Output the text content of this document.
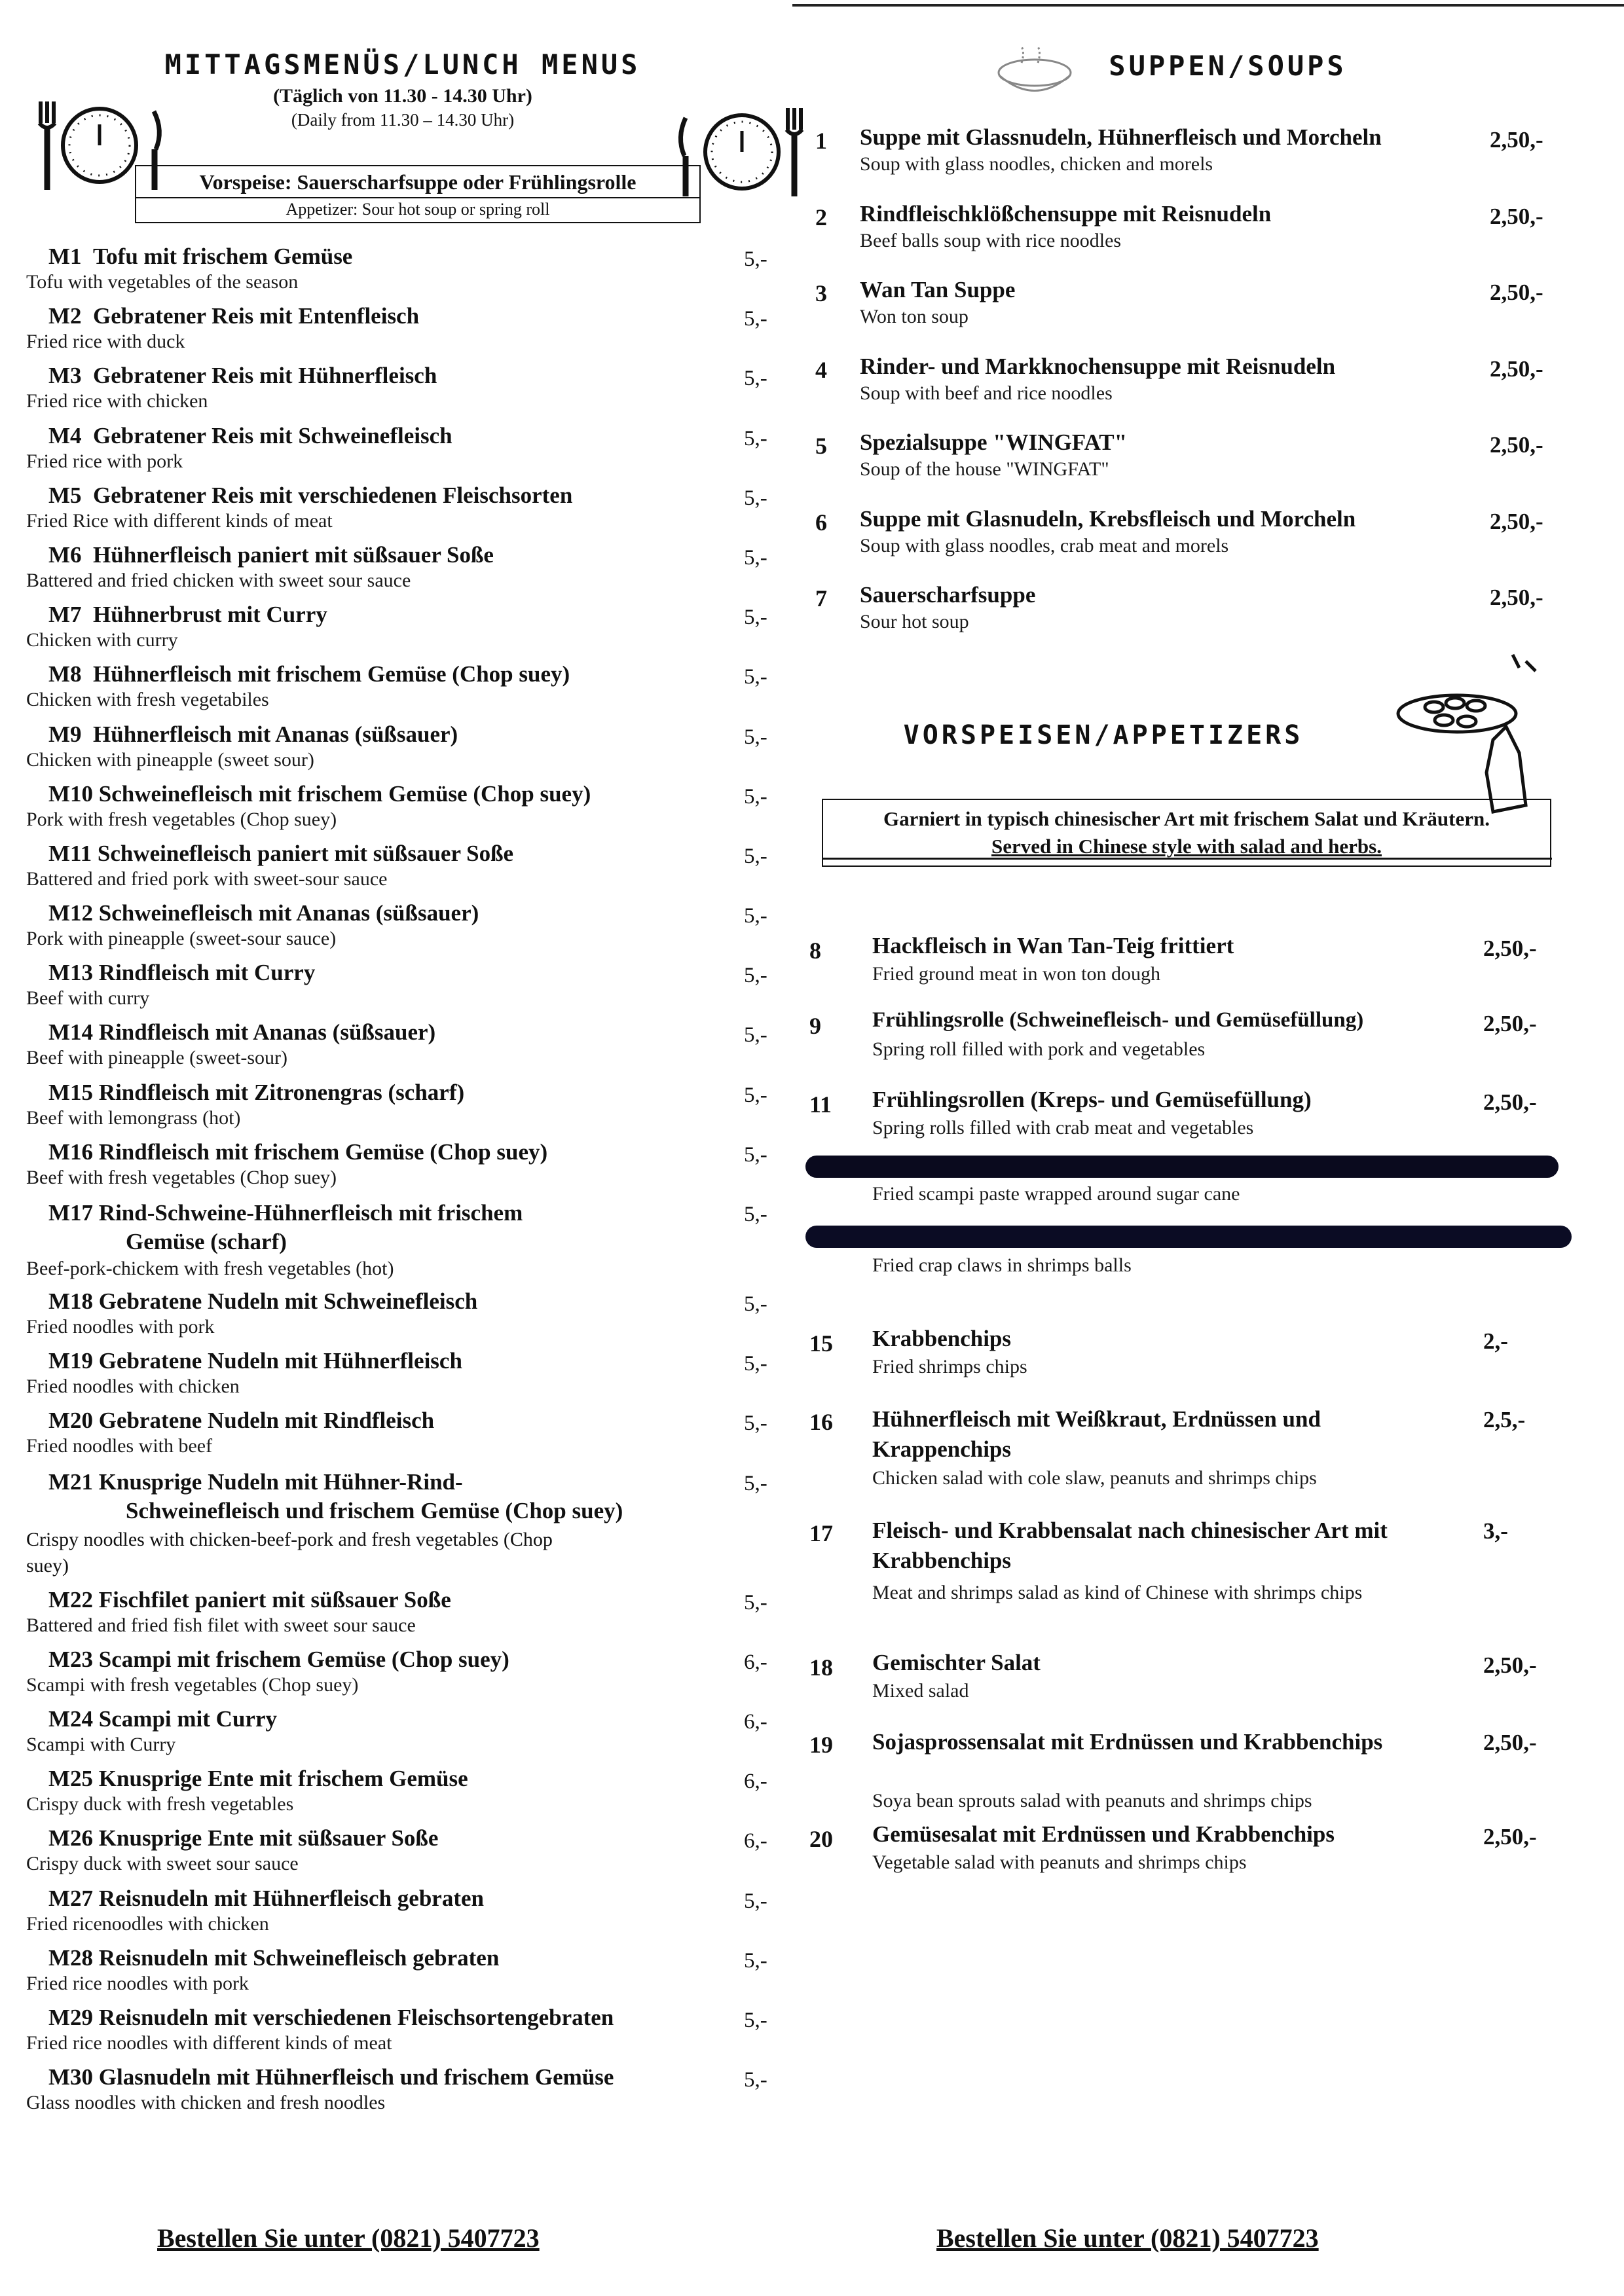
MITTAGSMENÜS/LUNCH MENUS
(Täglich von 11.30 - 14.30 Uhr)
(Daily from 11.30 – 14.30 Uhr)
Vorspeise: Sauerscharfsuppe oder Frühlingsrolle
Appetizer: Sour hot soup or spring roll
M1 Tofu mit frischem Gemüse
Tofu with vegetables of the season
5,-
M2 Gebratener Reis mit Entenfleisch
Fried rice with duck
5,-
M3 Gebratener Reis mit Hühnerfleisch
Fried rice with chicken
5,-
M4 Gebratener Reis mit Schweinefleisch
Fried rice with pork
5,-
M5 Gebratener Reis mit verschiedenen Fleischsorten
Fried Rice with different kinds of meat
5,-
M6 Hühnerfleisch paniert mit süßsauer Soße
Battered and fried chicken with sweet sour sauce
5,-
M7 Hühnerbrust mit Curry
Chicken with curry
5,-
M8 Hühnerfleisch mit frischem Gemüse (Chop suey)
Chicken with fresh vegetabiles
5,-
M9 Hühnerfleisch mit Ananas (süßsauer)
Chicken with pineapple (sweet sour)
5,-
M10 Schweinefleisch mit frischem Gemüse (Chop suey)
Pork with fresh vegetables (Chop suey)
5,-
M11 Schweinefleisch paniert mit süßsauer Soße
Battered and fried pork with sweet-sour sauce
5,-
M12 Schweinefleisch mit Ananas (süßsauer)
Pork with pineapple (sweet-sour sauce)
5,-
M13 Rindfleisch mit Curry
Beef with curry
5,-
M14 Rindfleisch mit Ananas (süßsauer)
Beef with pineapple (sweet-sour)
5,-
M15 Rindfleisch mit Zitronengras (scharf)
Beef with lemongrass (hot)
5,-
M16 Rindfleisch mit frischem Gemüse (Chop suey)
Beef with fresh vegetables (Chop suey)
5,-
M17 Rind-Schweine-Hühnerfleisch mit frischem
Gemüse (scharf)
Beef-pork-chickem with fresh vegetables (hot)
5,-
M18 Gebratene Nudeln mit Schweinefleisch
Fried noodles with pork
5,-
M19 Gebratene Nudeln mit Hühnerfleisch
Fried noodles with chicken
5,-
M20 Gebratene Nudeln mit Rindfleisch
Fried noodles with beef
5,-
M21 Knusprige Nudeln mit Hühner-Rind-
Schweinefleisch und frischem Gemüse (Chop suey)
Crispy noodles with chicken-beef-pork and fresh vegetables (Chop
suey)
5,-
M22 Fischfilet paniert mit süßsauer Soße
Battered and fried fish filet with sweet sour sauce
5,-
M23 Scampi mit frischem Gemüse (Chop suey)
Scampi with fresh vegetables (Chop suey)
6,-
M24 Scampi mit Curry
Scampi with Curry
6,-
M25 Knusprige Ente mit frischem Gemüse
Crispy duck with fresh vegetables
6,-
M26 Knusprige Ente mit süßsauer Soße
Crispy duck with sweet sour sauce
6,-
M27 Reisnudeln mit Hühnerfleisch gebraten
Fried ricenoodles with chicken
5,-
M28 Reisnudeln mit Schweinefleisch gebraten
Fried rice noodles with pork
5,-
M29 Reisnudeln mit verschiedenen Fleischsortengebraten
Fried rice noodles with different kinds of meat
5,-
M30 Glasnudeln mit Hühnerfleisch und frischem Gemüse
Glass noodles with chicken and fresh noodles
5,-
Bestellen Sie unter (0821) 5407723	Bestellen Sie unter (0821) 5407723
SUPPEN/SOUPS
1 Suppe mit Glassnudeln, Hühnerfleisch und Morcheln
Soup with glass noodles, chicken and morels
2,50,-
2 Rindfleischklößchensuppe mit Reisnudeln
Beef balls soup with rice noodles
2,50,-
3 Wan Tan Suppe
Won ton soup
2,50,-
4 Rinder- und Markknochensuppe mit Reisnudeln
Soup with beef and rice noodles
2,50,-
5 Spezialsuppe "WINGFAT"
Soup of the house "WINGFAT"
2,50,-
6 Suppe mit Glasnudeln, Krebsfleisch und Morcheln
Soup with glass noodles, crab meat and morels
2,50,-
7 Sauerscharfsuppe
Sour hot soup
2,50,-
VORSPEISEN/APPETIZERS
Garniert in typisch chinesischer Art mit frischem Salat und Kräutern.
Served in Chinese style with salad and herbs.
8 Hackfleisch in Wan Tan-Teig frittiert
Fried ground meat in won ton dough
2,50,-
9 Frühlingsrolle (Schweinefleisch- und Gemüsefüllung)
Spring roll filled with pork and vegetables
2,50,-
11 Frühlingsrollen (Kreps- und Gemüsefüllung)
Spring rolls filled with crab meat and vegetables
2,50,-
Fried scampi paste wrapped around sugar cane
Fried crap claws in shrimps balls
15 Krabbenchips
Fried shrimps chips
2,-
16 Hühnerfleisch mit Weißkraut, Erdnüssen und Krappenchips
Chicken salad with cole slaw, peanuts and shrimps chips
2,5,-
17 Fleisch- und Krabbensalat nach chinesischer Art mit Krabbenchips
Meat and shrimps salad as kind of Chinese with shrimps chips
3,-
18 Gemischter Salat
Mixed salad
2,50,-
19 Sojasprossensalat mit Erdnüssen und Krabbenchips
Soya bean sprouts salad with peanuts and shrimps chips
2,50,-
20 Gemüsesalat mit Erdnüssen und Krabbenchips
Vegetable salad with peanuts and shrimps chips
2,50,-
